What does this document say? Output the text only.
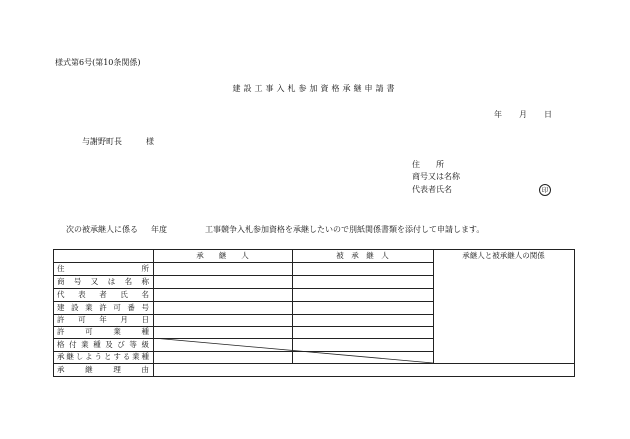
様式第6号(第10条関係)
建設工事入札参加資格承継申請書
年 月 日
与謝野町長	様
住　　所
商号又は名称
代表者氏名	印
次の被承継人に係る 年度	工事競争入札参加資格を承継したいので別紙関係書類を添付して申請します。
承　　継　　人	被　承　継　人	承継人と被承継人の関係
住所
商号又は名称
代表者氏名
建設業許可番号
許可年月日
許可業種
格付業種及び等級
承継しようとする業種
承継理由
